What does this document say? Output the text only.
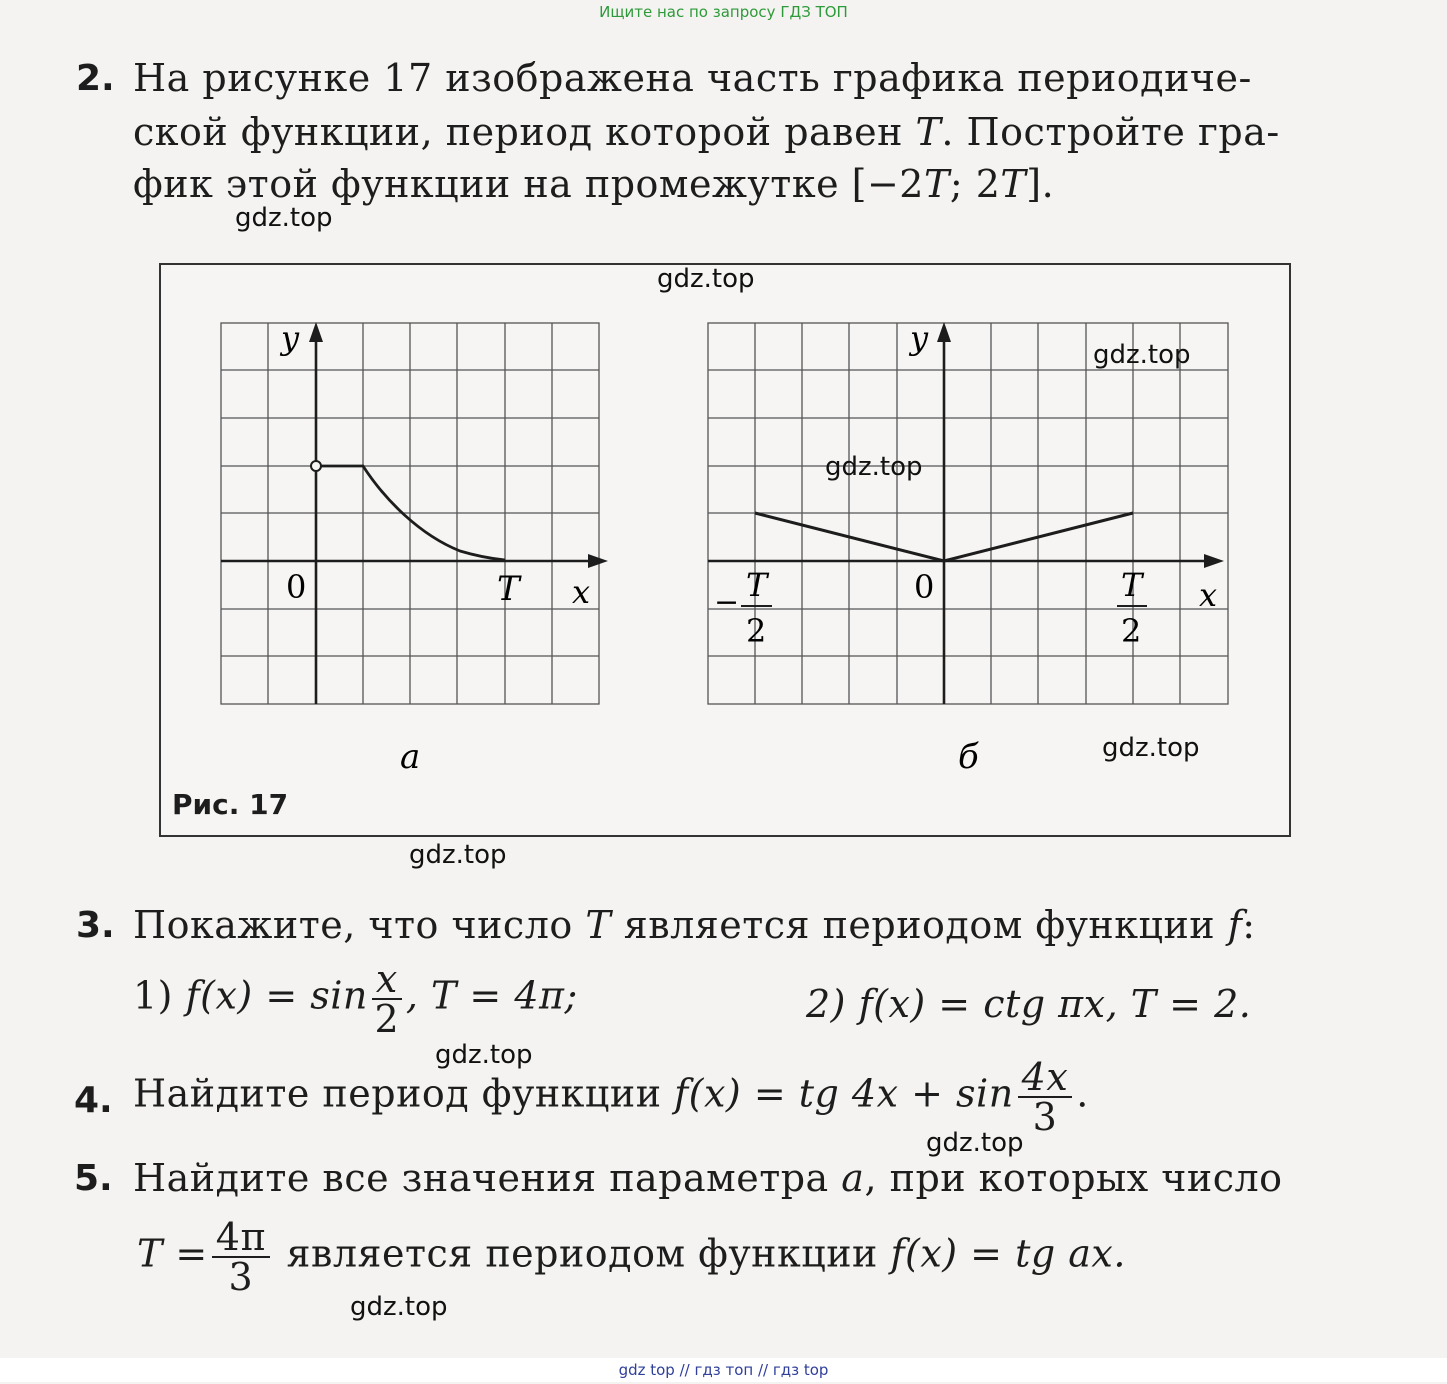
Ищите нас по запросу ГДЗ ТОП
2. На рисунке 17 изображена часть графика периодиче-
ской функции, период которой равен T. Постройте гра-
фик этой функции на промежутке [−2T; 2T].
y
0	T x
а
y
0	x
− T
2
T
2
б
Рис. 17
3. Покажите, что число T является периодом функции f:
1) $f(x) = \sin \frac{x}{2}$ , T = 4π;	2) f(x) = ctg πx, T = 2.
4. Найдите период функции f(x) = tg $4x + \sin \frac{4x}{3}$ .
5. Найдите все значения параметра a, при которых число
$T = \frac{4\pi}{3}$ является периодом функции f(x) = tg ax.
gdz.top
gdz.top
gdz.top
gdz.top
gdz.top
gdz.top
gdz.top
gdz.top
gdz.top
gdz top // гдз топ // гдз top
